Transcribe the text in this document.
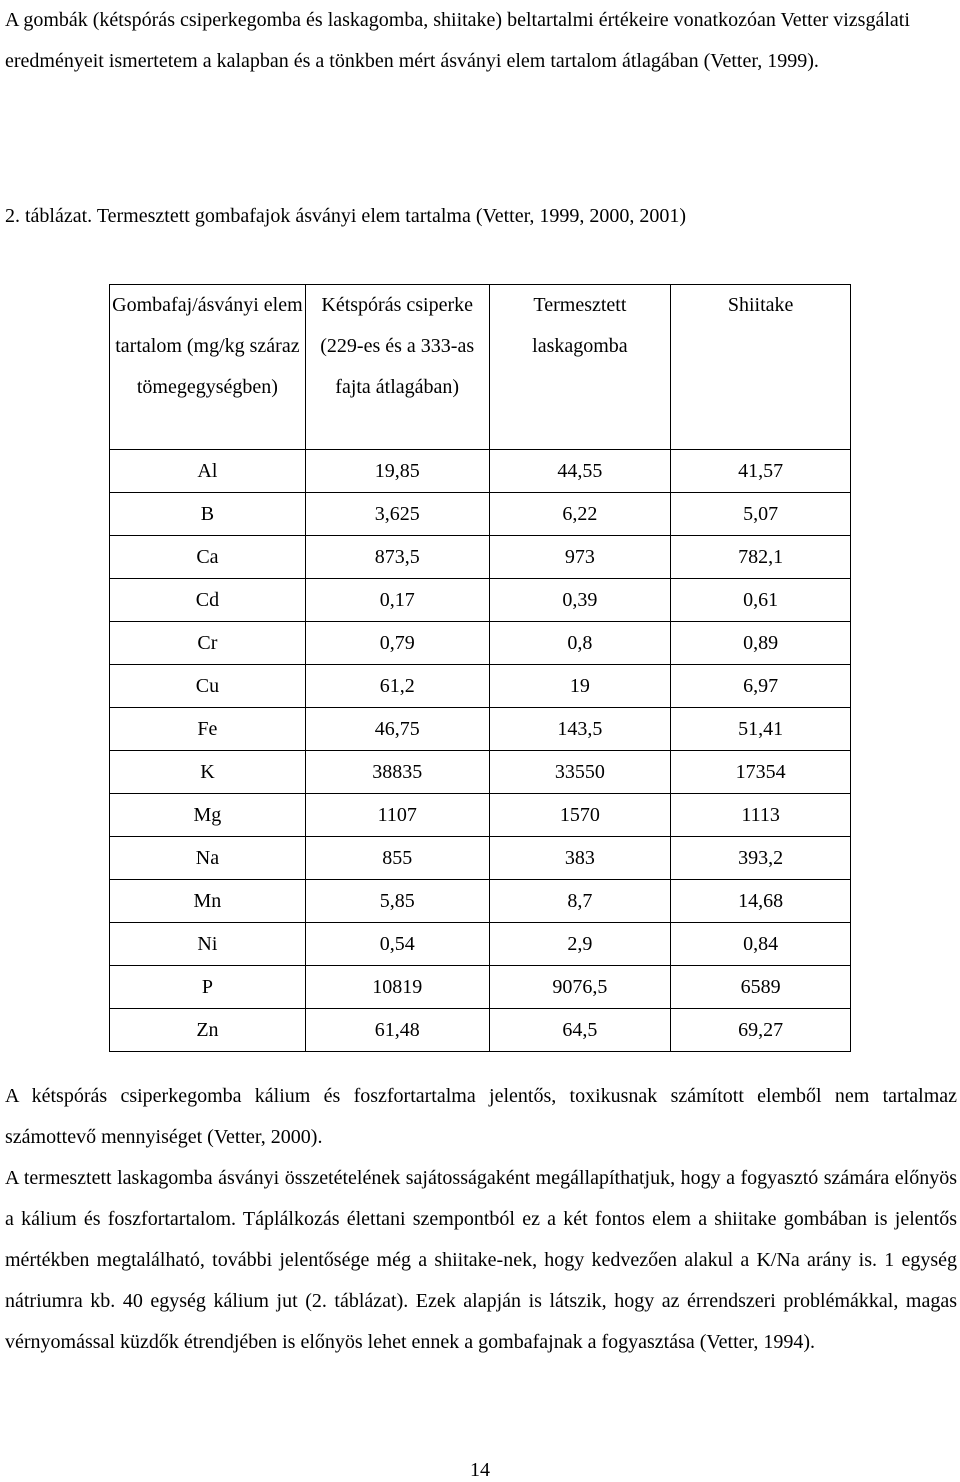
A gombák (kétspórás csiperkegomba és laskagomba, shiitake) beltartalmi értékeire vonatkozóan Vetter vizsgálati eredményeit ismertetem a kalapban és a tönkben mért ásványi elem tartalom átlagában (Vetter, 1999).

2. táblázat. Termesztett gombafajok ásványi elem tartalma (Vetter, 1999, 2000, 2001)

Gombafaj/ásványi elem tartalom (mg/kg száraz tömegegységben)	Kétspórás csiperke (229-es és a 333-as fajta átlagában)	Termesztett laskagomba	Shiitake
Al	19,85	44,55	41,57
B	3,625	6,22	5,07
Ca	873,5	973	782,1
Cd	0,17	0,39	0,61
Cr	0,79	0,8	0,89
Cu	61,2	19	6,97
Fe	46,75	143,5	51,41
K	38835	33550	17354
Mg	1107	1570	1113
Na	855	383	393,2
Mn	5,85	8,7	14,68
Ni	0,54	2,9	0,84
P	10819	9076,5	6589
Zn	61,48	64,5	69,27

A kétspórás csiperkegomba kálium és foszfortartalma jelentős, toxikusnak számított elemből nem tartalmaz számottevő mennyiséget (Vetter, 2000).

A termesztett laskagomba ásványi összetételének sajátosságaként megállapíthatjuk, hogy a fogyasztó számára előnyös a kálium és foszfortartalom. Táplálkozás élettani szempontból ez a két fontos elem a shiitake gombában is jelentős mértékben megtalálható, további jelentősége még a shiitake-nek, hogy kedvezően alakul a K/Na arány is. 1 egység nátriumra kb. 40 egység kálium jut (2. táblázat). Ezek alapján is látszik, hogy az érrendszeri problémákkal, magas vérnyomással küzdők étrendjében is előnyös lehet ennek a gombafajnak a fogyasztása (Vetter, 1994).

14
